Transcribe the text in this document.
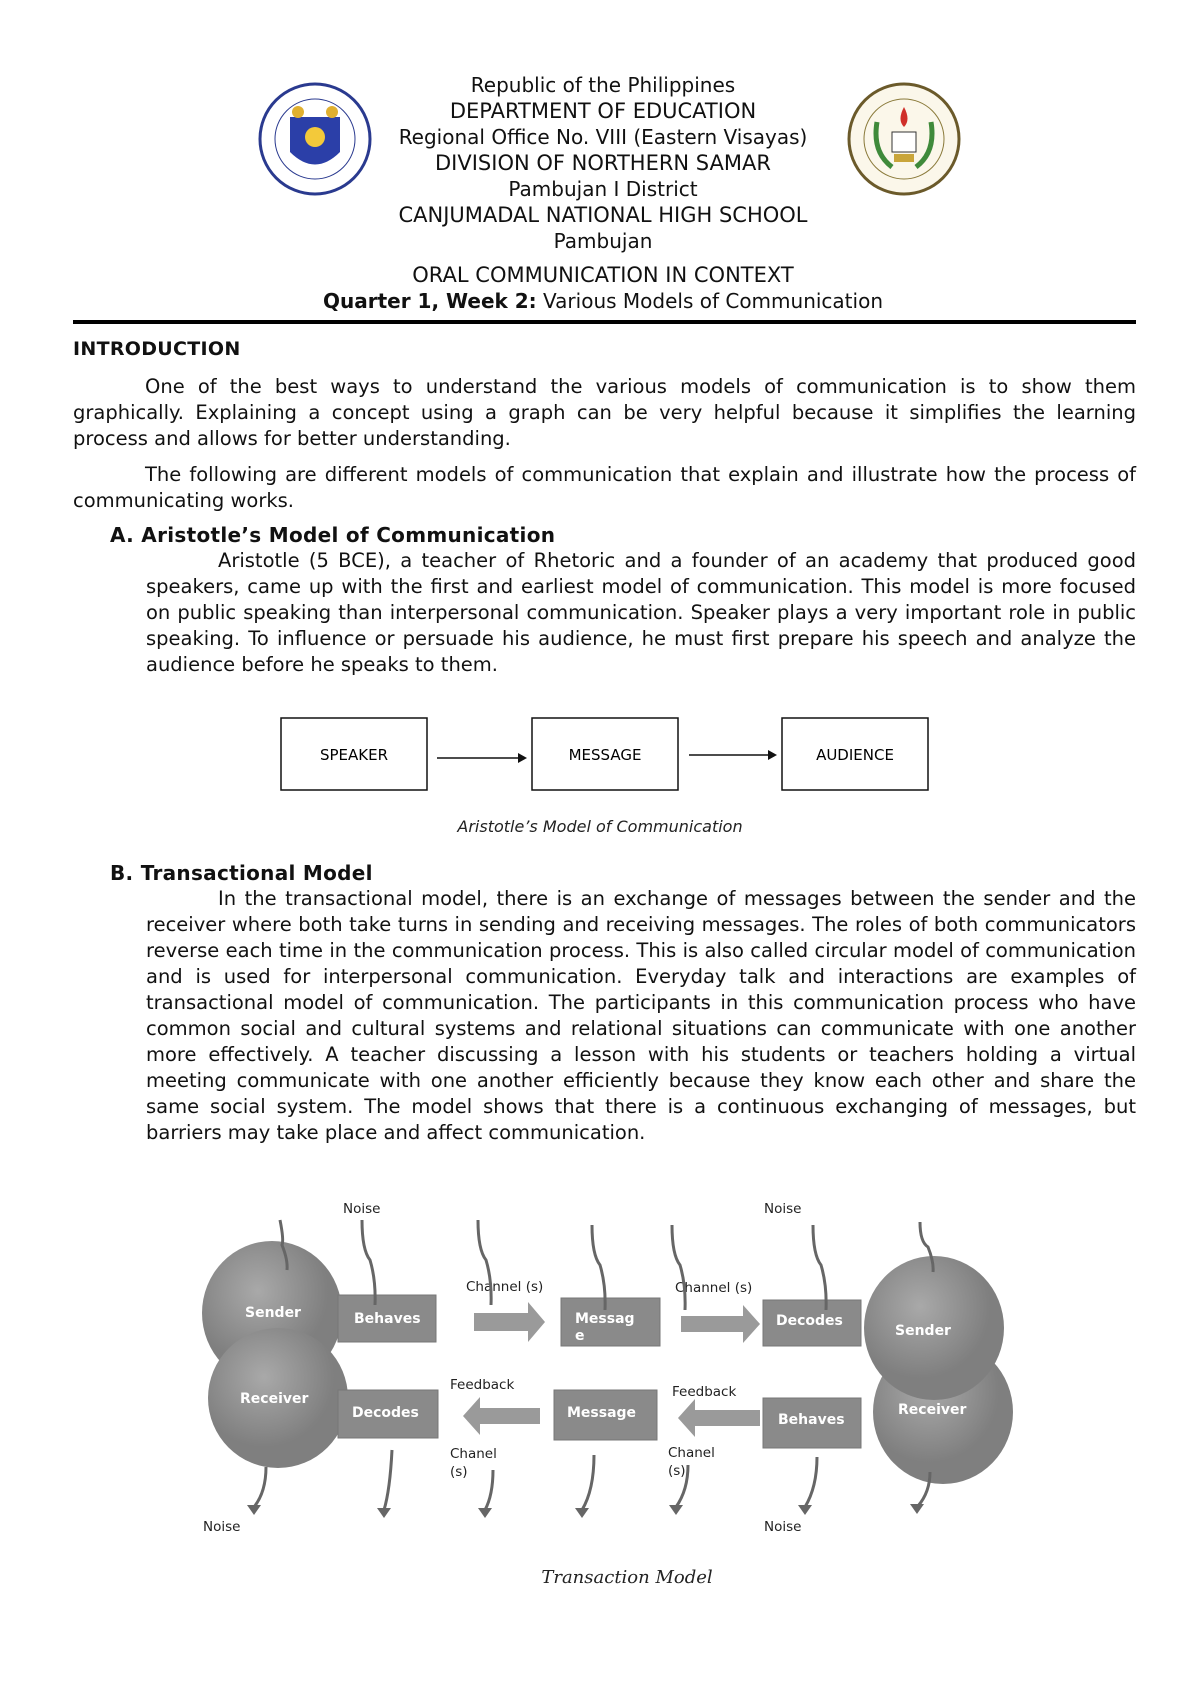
Republic of the Philippines
DEPARTMENT OF EDUCATION
Regional Office No. VIII (Eastern Visayas)
DIVISION OF NORTHERN SAMAR
Pambujan I District
CANJUMADAL NATIONAL HIGH SCHOOL
Pambujan
ORAL COMMUNICATION IN CONTEXT
Quarter 1, Week 2: Various Models of Communication
INTRODUCTION

One of the best ways to understand the various models of communication is to show them graphically. Explaining a concept using a graph can be very helpful because it simplifies the learning process and allows for better understanding.

The following are different models of communication that explain and illustrate how the process of communicating works.

A. Aristotle’s Model of Communication

Aristotle (5 BCE), a teacher of Rhetoric and a founder of an academy that produced good speakers, came up with the first and earliest model of communication. This model is more focused on public speaking than interpersonal communication. Speaker plays a very important role in public speaking. To influence or persuade his audience, he must first prepare his speech and analyze the audience before he speaks to them.

SPEAKER	MESSAGE	AUDIENCE
Aristotle’s Model of Communication
B. Transactional Model

In the transactional model, there is an exchange of messages between the sender and the receiver where both take turns in sending and receiving messages. The roles of both communicators reverse each time in the communication process. This is also called circular model of communication and is used for interpersonal communication. Everyday talk and interactions are examples of transactional model of communication. The participants in this communication process who have common social and cultural systems and relational situations can communicate with one another more effectively. A teacher discussing a lesson with his students or teachers holding a virtual meeting communicate with one another efficiently because they know each other and share the same social system. The model shows that there is a continuous exchanging of messages, but barriers may take place and affect communication.

Sender
Receiver
Sender
Receiver
Behaves	Messag
e
Decodes
Decodes	Message	Behaves
Noise	Noise
Channel (s)	Channel (s)
Feedback	Feedback
Chanel
(s)
Chanel
(s)
Noise	Noise
Transaction Model
